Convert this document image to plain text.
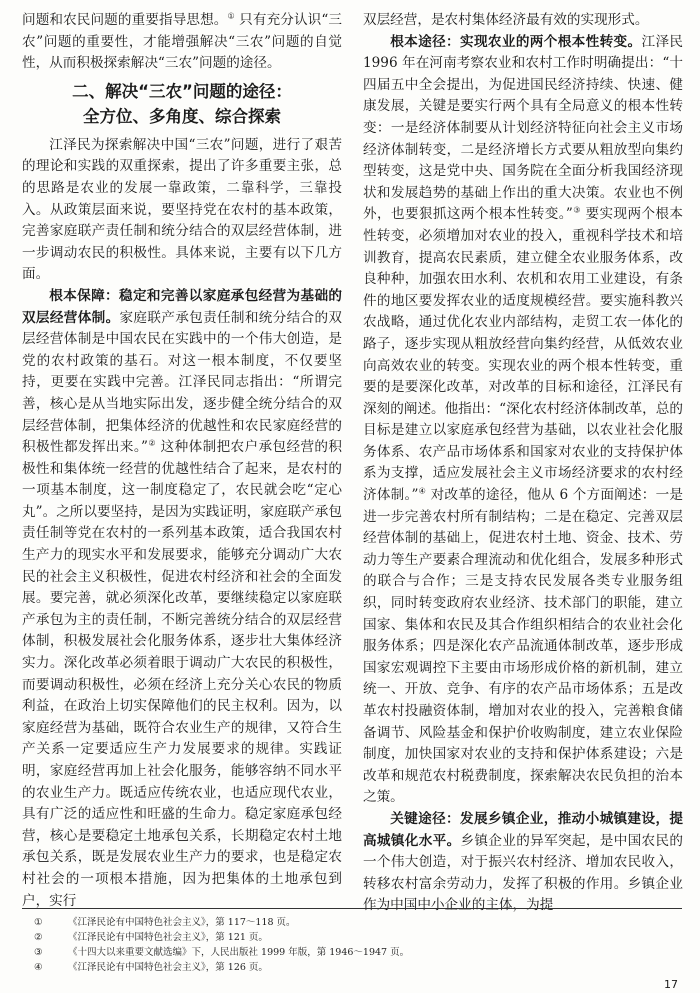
问题和农民问题的重要指导思想。① 只有充分认识“三农”问题的重要性，才能增强解决“三农”问题的自觉性，从而积极探索解决“三农”问题的途径。

二、解决“三农”问题的途径：
全方位、多角度、综合探索

江泽民为探索解决中国“三农”问题，进行了艰苦的理论和实践的双重探索，提出了许多重要主张，总的思路是农业的发展一靠政策，二靠科学，三靠投入。从政策层面来说，要坚持党在农村的基本政策，完善家庭联产责任制和统分结合的双层经营体制，进一步调动农民的积极性。具体来说，主要有以下几方面。

根本保障：稳定和完善以家庭承包经营为基础的双层经营体制。家庭联产承包责任制和统分结合的双层经营体制是中国农民在实践中的一个伟大创造，是党的农村政策的基石。对这一根本制度，不仅要坚持，更要在实践中完善。江泽民同志指出：“所谓完善，核心是从当地实际出发，逐步健全统分结合的双层经营体制，把集体经济的优越性和农民家庭经营的积极性都发挥出来。”② 这种体制把农户承包经营的积极性和集体统一经营的优越性结合了起来，是农村的一项基本制度，这一制度稳定了，农民就会吃“定心丸”。之所以要坚持，是因为实践证明，家庭联产承包责任制等党在农村的一系列基本政策，适合我国农村生产力的现实水平和发展要求，能够充分调动广大农民的社会主义积极性，促进农村经济和社会的全面发展。要完善，就必须深化改革，要继续稳定以家庭联产承包为主的责任制，不断完善统分结合的双层经营体制，积极发展社会化服务体系，逐步壮大集体经济实力。深化改革必须着眼于调动广大农民的积极性，而要调动积极性，必须在经济上充分关心农民的物质利益，在政治上切实保障他们的民主权利。因为，以家庭经营为基础，既符合农业生产的规律，又符合生产关系一定要适应生产力发展要求的规律。实践证明，家庭经营再加上社会化服务，能够容纳不同水平的农业生产力。既适应传统农业，也适应现代农业，具有广泛的适应性和旺盛的生命力。稳定家庭承包经营，核心是要稳定土地承包关系，长期稳定农村土地承包关系，既是发展农业生产力的要求，也是稳定农村社会的一项根本措施，因为把集体的土地承包到户，实行

双层经营，是农村集体经济最有效的实现形式。

根本途径：实现农业的两个根本性转变。江泽民 1996 年在河南考察农业和农村工作时明确提出：“十四届五中全会提出，为促进国民经济持续、快速、健康发展，关键是要实行两个具有全局意义的根本性转变：一是经济体制要从计划经济特征向社会主义市场经济体制转变，二是经济增长方式要从粗放型向集约型转变，这是党中央、国务院在全面分析我国经济现状和发展趋势的基础上作出的重大决策。农业也不例外，也要狠抓这两个根本性转变。”③ 要实现两个根本性转变，必须增加对农业的投入，重视科学技术和培训教育，提高农民素质，建立健全农业服务体系，改良种种，加强农田水利、农机和农用工业建设，有条件的地区要发挥农业的适度规模经营。要实施科教兴农战略，通过优化农业内部结构，走贸工农一体化的路子，逐步实现从粗放经营向集约经营，从低效农业向高效农业的转变。实现农业的两个根本性转变，重要的是要深化改革，对改革的目标和途径，江泽民有深刻的阐述。他指出：“深化农村经济体制改革，总的目标是建立以家庭承包经营为基础，以农业社会化服务体系、农产品市场体系和国家对农业的支持保护体系为支撑，适应发展社会主义市场经济要求的农村经济体制。”④ 对改革的途径，他从 6 个方面阐述：一是进一步完善农村所有制结构；二是在稳定、完善双层经营体制的基础上，促进农村土地、资金、技术、劳动力等生产要素合理流动和优化组合，发展多种形式的联合与合作；三是支持农民发展各类专业服务组织，同时转变政府农业经济、技术部门的职能，建立国家、集体和农民及其合作组织相结合的农业社会化服务体系；四是深化农产品流通体制改革，逐步形成国家宏观调控下主要由市场形成价格的新机制，建立统一、开放、竞争、有序的农产品市场体系；五是改革农村投融资体制，增加对农业的投入，完善粮食储备调节、风险基金和保护价收购制度，建立农业保险制度，加快国家对农业的支持和保护体系建设；六是改革和规范农村税费制度，探索解决农民负担的治本之策。

关键途径：发展乡镇企业，推动小城镇建设，提高城镇化水平。乡镇企业的异军突起，是中国农民的一个伟大创造，对于振兴农村经济、增加农民收入，转移农村富余劳动力，发挥了积极的作用。乡镇企业作为中国中小企业的主体，为提

①	《江泽民论有中国特色社会主义》，第 117～118 页。
②	《江泽民论有中国特色社会主义》，第 121 页。
③	《十四大以来重要文献选编》下，人民出版社 1999 年版，第 1946～1947 页。
④	《江泽民论有中国特色社会主义》，第 126 页。
17
